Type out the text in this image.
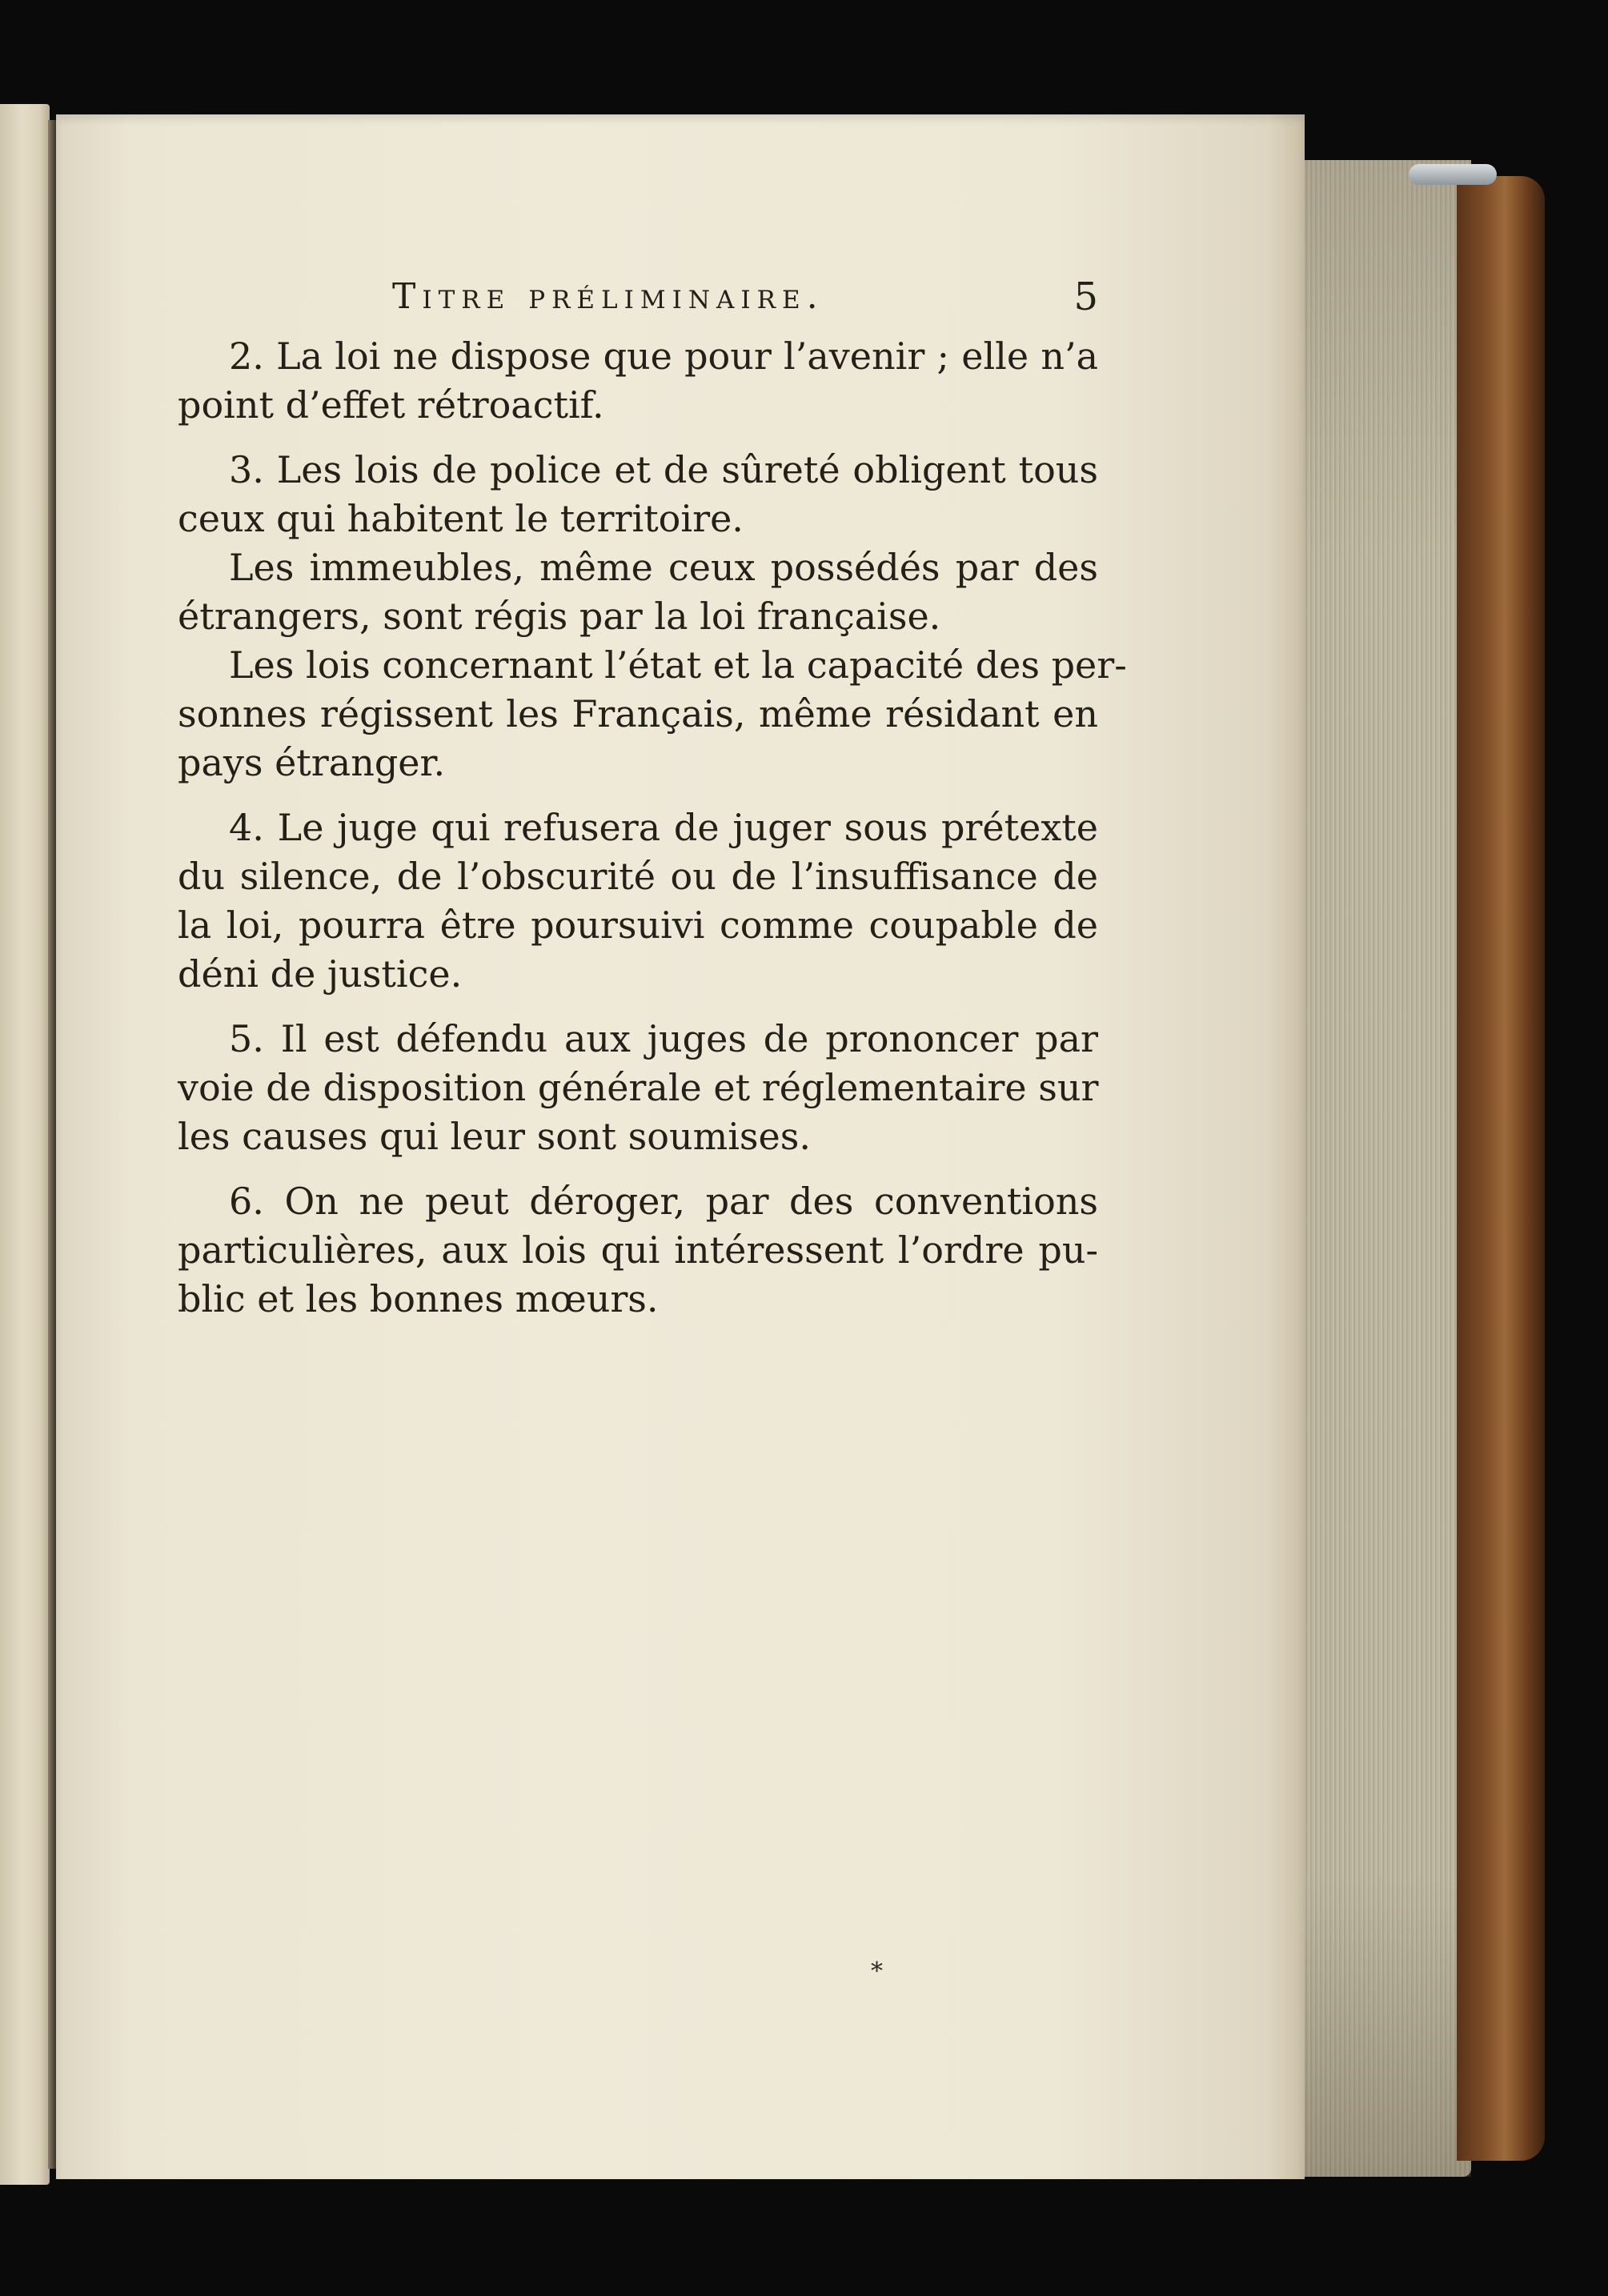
Titre préliminaire.	5
2. La loi ne dispose que pour l’avenir ; elle n’a
point d’effet rétroactif.
3. Les lois de police et de sûreté obligent tous
ceux qui habitent le territoire.
Les immeubles, même ceux possédés par des
étrangers, sont régis par la loi française.
Les lois concernant l’état et la capacité des per-
sonnes régissent les Français, même résidant en
pays étranger.
4. Le juge qui refusera de juger sous prétexte
du silence, de l’obscurité ou de l’insuffisance de
la loi, pourra être poursuivi comme coupable de
déni de justice.
5. Il est défendu aux juges de prononcer par
voie de disposition générale et réglementaire sur
les causes qui leur sont soumises.
6. On ne peut déroger, par des conventions
particulières, aux lois qui intéressent l’ordre pu-
blic et les bonnes mœurs.
*
